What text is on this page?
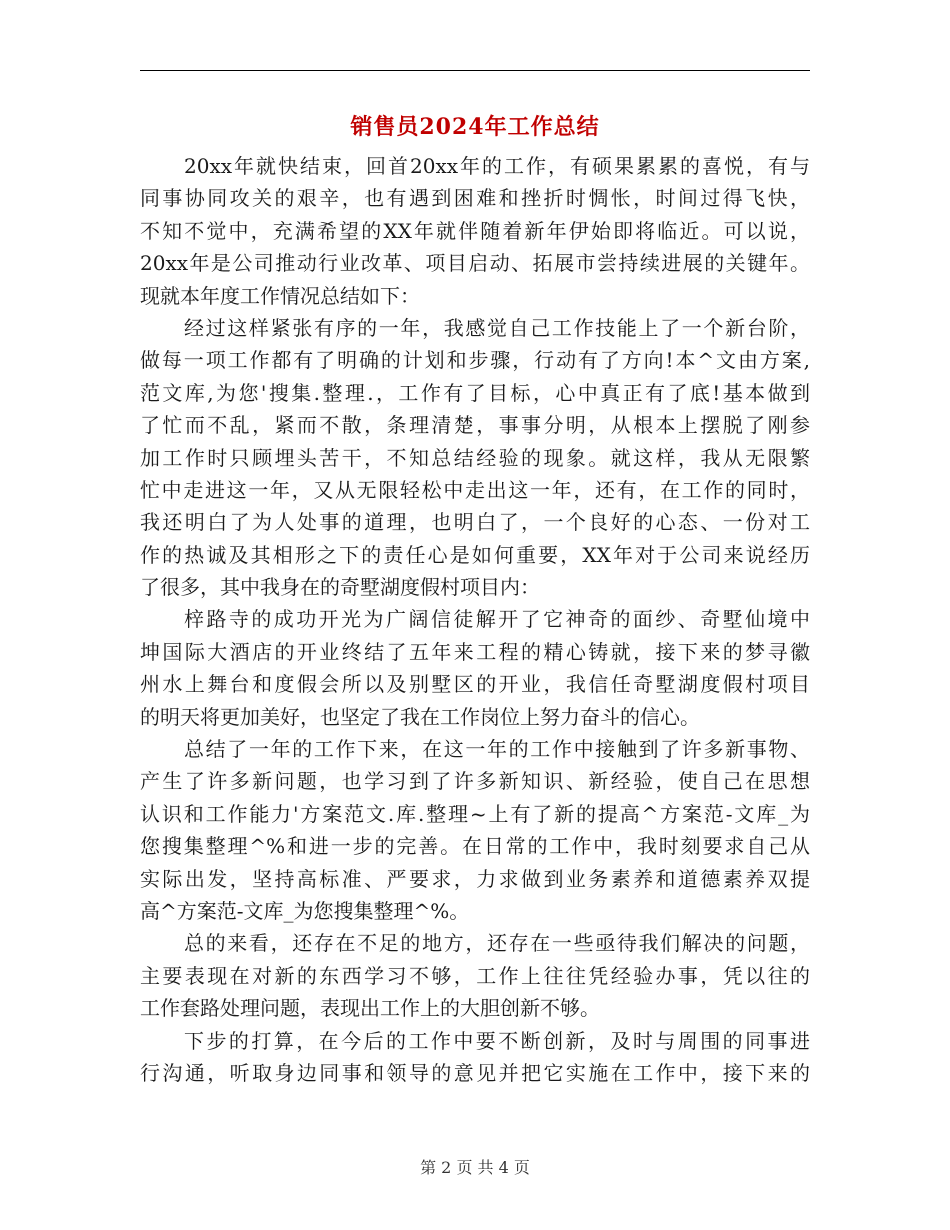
销售员2024年工作总结
20xx年就快结束，回首20xx年的工作，有硕果累累的喜悦，有与
同事协同攻关的艰辛，也有遇到困难和挫折时惆怅，时间过得飞快，
不知不觉中，充满希望的XX年就伴随着新年伊始即将临近。可以说，
20xx年是公司推动行业改革、项目启动、拓展市尝持续进展的关键年。
现就本年度工作情况总结如下：
经过这样紧张有序的一年，我感觉自己工作技能上了一个新台阶，
做每一项工作都有了明确的计划和步骤，行动有了方向!本^文由方案,
范文库,为您'搜集.整理.，工作有了目标，心中真正有了底!基本做到
了忙而不乱，紧而不散，条理清楚，事事分明，从根本上摆脱了刚参
加工作时只顾埋头苦干，不知总结经验的现象。就这样，我从无限繁
忙中走进这一年，又从无限轻松中走出这一年，还有，在工作的同时，
我还明白了为人处事的道理，也明白了，一个良好的心态、一份对工
作的热诚及其相形之下的责任心是如何重要，XX年对于公司来说经历
了很多，其中我身在的奇墅湖度假村项目内：
梓路寺的成功开光为广阔信徒解开了它神奇的面纱、奇墅仙境中
坤国际大酒店的开业终结了五年来工程的精心铸就，接下来的梦寻徽
州水上舞台和度假会所以及别墅区的开业，我信任奇墅湖度假村项目
的明天将更加美好，也坚定了我在工作岗位上努力奋斗的信心。
总结了一年的工作下来，在这一年的工作中接触到了许多新事物、
产生了许多新问题，也学习到了许多新知识、新经验，使自己在思想
认识和工作能力'方案范文.库.整理~上有了新的提高^方案范-文库_为
您搜集整理^%和进一步的完善。在日常的工作中，我时刻要求自己从
实际出发，坚持高标准、严要求，力求做到业务素养和道德素养双提
高^方案范-文库_为您搜集整理^%。
总的来看，还存在不足的地方，还存在一些亟待我们解决的问题，
主要表现在对新的东西学习不够，工作上往往凭经验办事，凭以往的
工作套路处理问题，表现出工作上的大胆创新不够。
下步的打算，在今后的工作中要不断创新，及时与周围的同事进
行沟通，听取身边同事和领导的意见并把它实施在工作中，接下来的
第 2 页 共 4 页
